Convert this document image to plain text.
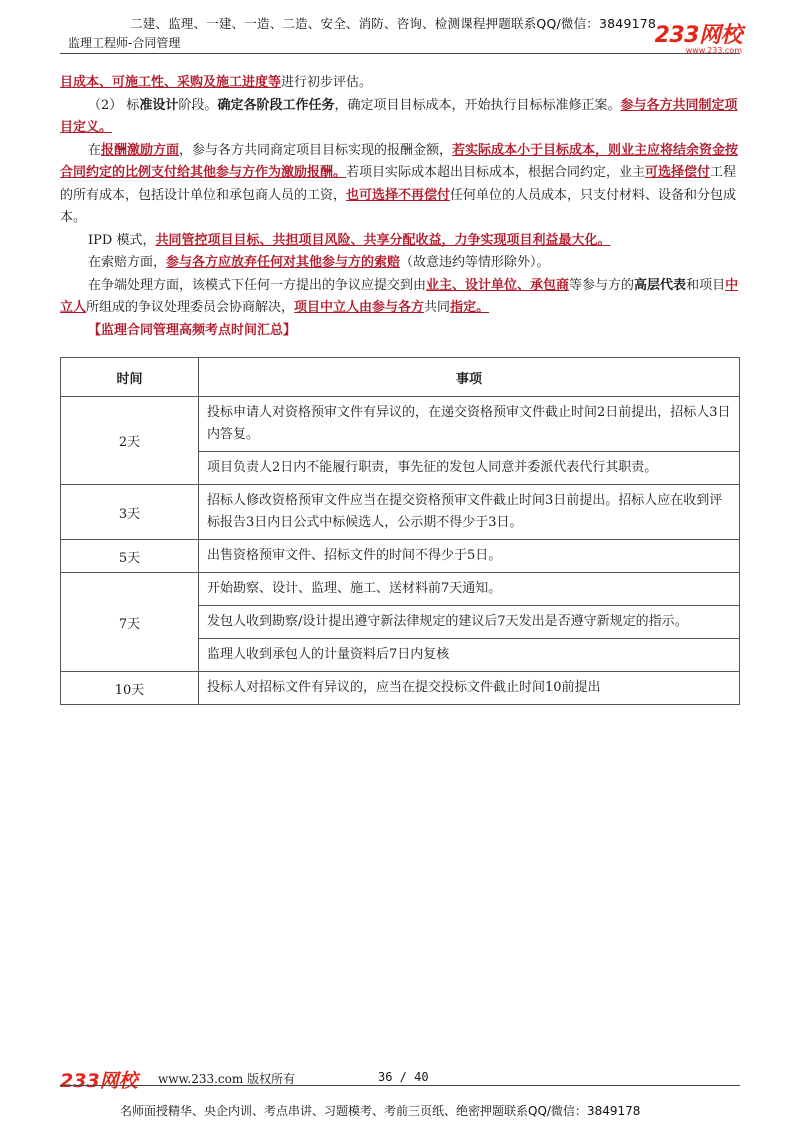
二建、监理、一建、一造、二造、安全、消防、咨询、检测课程押题联系QQ/微信：3849178
监理工程师-合同管理	233网校
www.233.com

目成本、可施工性、采购及施工进度等进行初步评估。

（2） 标准设计阶段。确定各阶段工作任务，确定项目目标成本，开始执行目标标准修正案。参与各方共同制定项目定义。

在报酬激励方面，参与各方共同商定项目目标实现的报酬金额，若实际成本小于目标成本，则业主应将结余资金按合同约定的比例支付给其他参与方作为激励报酬。若项目实际成本超出目标成本，根据合同约定，业主可选择偿付工程的所有成本，包括设计单位和承包商人员的工资，也可选择不再偿付任何单位的人员成本，只支付材料、设备和分包成本。

IPD 模式，共同管控项目目标、共担项目风险、共享分配收益，力争实现项目利益最大化。

在索赔方面，参与各方应放弃任何对其他参与方的索赔（故意违约等情形除外）。

在争端处理方面，该模式下任何一方提出的争议应提交到由业主、设计单位、承包商等参与方的高层代表和项目中立人所组成的争议处理委员会协商解决，项目中立人由参与各方共同指定。

【监理合同管理高频考点时间汇总】

时间	事项
2天	投标申请人对资格预审文件有异议的，在递交资格预审文件截止时间2日前提出，招标人3日内答复。
	项目负责人2日内不能履行职责，事先征的发包人同意并委派代表代行其职责。
3天	招标人修改资格预审文件应当在提交资格预审文件截止时间3日前提出。招标人应在收到评标报告3日内日公式中标候选人，公示期不得少于3日。
5天	出售资格预审文件、招标文件的时间不得少于5日。
7天	开始勘察、设计、监理、施工、送材料前7天通知。
	发包人收到勘察/设计提出遵守新法律规定的建议后7天发出是否遵守新规定的指示。
	监理人收到承包人的计量资料后7日内复核
10天	投标人对招标文件有异议的，应当在提交投标文件截止时间10前提出
233网校 www.233.com 版权所有	36 / 40
名师面授精华、央企内训、考点串讲、习题模考、考前三页纸、绝密押题联系QQ/微信：3849178
